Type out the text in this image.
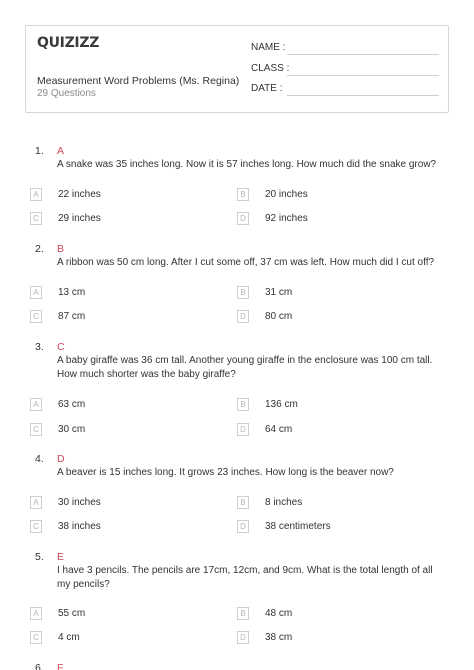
QUIZIZZ
Measurement Word Problems (Ms. Regina)
29 Questions
NAME :
CLASS :
DATE :
1. A
A snake was 35 inches long. Now it is 57 inches long. How much did the snake grow?
A	22 inches	B	20 inches
C	29 inches	D	92 inches
2. B
A ribbon was 50 cm long. After I cut some off, 37 cm was left. How much did I cut off?
A	13 cm	B	31 cm
C	87 cm	D	80 cm
3. C
A baby giraffe was 36 cm tall. Another young giraffe in the enclosure was 100 cm tall. How much shorter was the baby giraffe?
A	63 cm	B	136 cm
C	30 cm	D	64 cm
4. D
A beaver is 15 inches long. It grows 23 inches. How long is the beaver now?
A	30 inches	B	8 inches
C	38 inches	D	38 centimeters
5. E
I have 3 pencils. The pencils are 17cm, 12cm, and 9cm. What is the total length of all my pencils?
A	55 cm	B	48 cm
C	4 cm	D	38 cm
6. F
